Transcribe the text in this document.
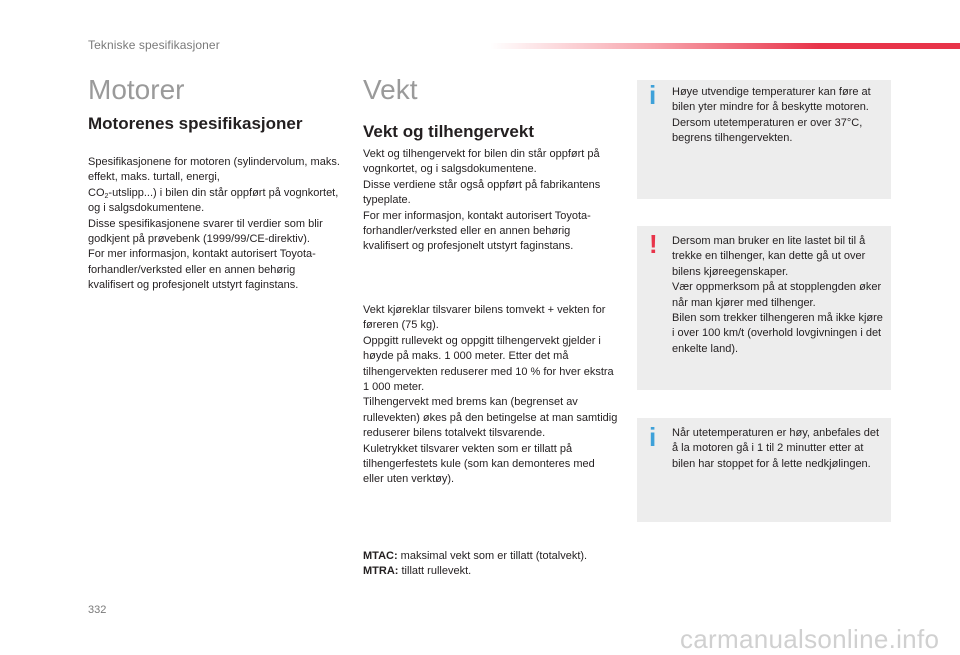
Tekniske spesifikasjoner
Motorer
Motorenes spesifikasjoner

Spesifikasjonene for motoren (sylindervolum, maks. effekt, maks. turtall, energi,

$CO_2-utslipp$...) i bilen din står oppført på vognkortet, og i salgsdokumentene.

Disse spesifikasjonene svarer til verdier som blir godkjent på prøvebenk (1999/99/CE-direktiv).

For mer informasjon, kontakt autorisert Toyota-forhandler/verksted eller en annen behørig kvalifisert og profesjonelt utstyrt faginstans.

Vekt
Vekt og tilhengervekt

Vekt og tilhengervekt for bilen din står oppført på vognkortet, og i salgsdokumentene.

Disse verdiene står også oppført på fabrikantens typeplate.

For mer informasjon, kontakt autorisert Toyota-forhandler/verksted eller en annen behørig kvalifisert og profesjonelt utstyrt faginstans.

Vekt kjøreklar tilsvarer bilens tomvekt + vekten for føreren (75 kg).

Oppgitt rullevekt og oppgitt tilhengervekt gjelder i høyde på maks. 1 000 meter. Etter det må tilhengervekten reduserer med 10 % for hver ekstra 1 000 meter.

Tilhengervekt med brems kan (begrenset av rullevekten) økes på den betingelse at man samtidig reduserer bilens totalvekt tilsvarende.

Kuletrykket tilsvarer vekten som er tillatt på tilhengerfestets kule (som kan demonteres med eller uten verktøy).

MTAC: maksimal vekt som er tillatt (totalvekt).

MTRA: tillatt rullevekt.

i Høye utvendige temperaturer kan føre at bilen yter mindre for å beskytte motoren. Dersom utetemperaturen er over 37°C, begrens tilhengervekten.

! Dersom man bruker en lite lastet bil til å trekke en tilhenger, kan dette gå ut over bilens kjøreegenskaper.

Vær oppmerksom på at stopplengden øker når man kjører med tilhenger.

Bilen som trekker tilhengeren må ikke kjøre i over 100 km/t (overhold lovgivningen i det enkelte land).

i Når utetemperaturen er høy, anbefales det å la motoren gå i 1 til 2 minutter etter at bilen har stoppet for å lette nedkjølingen.

332
carmanualsonline.info
